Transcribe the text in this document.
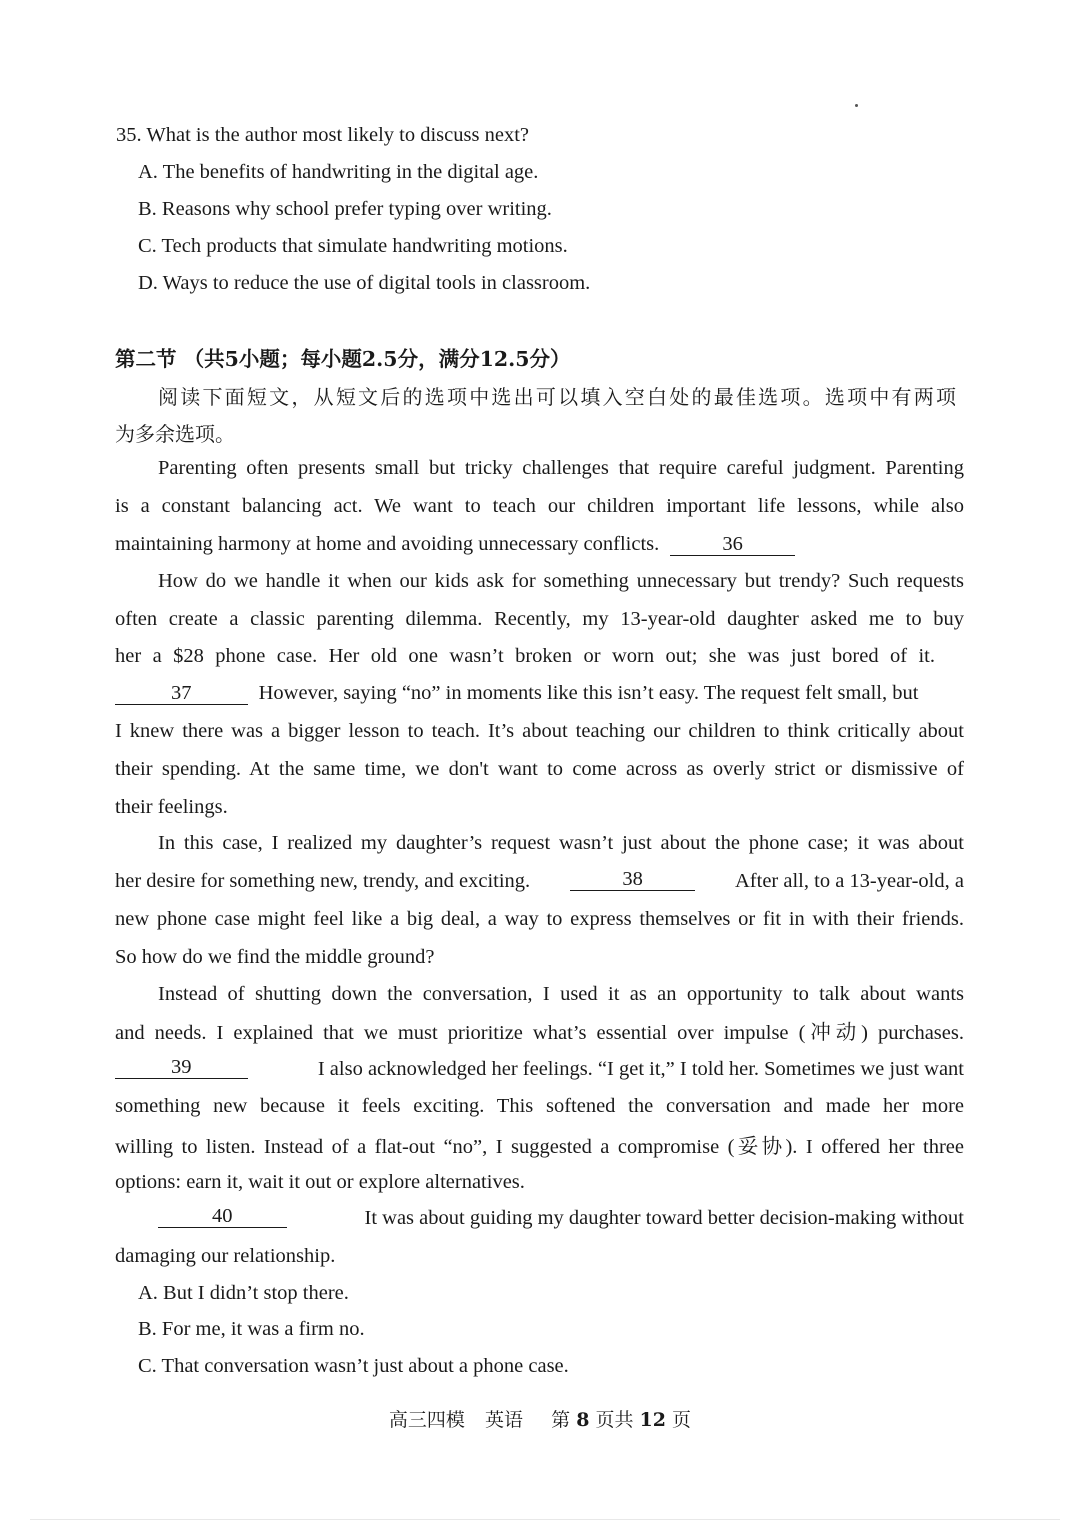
35. What is the author most likely to discuss next?
A. The benefits of handwriting in the digital age.
B. Reasons why school prefer typing over writing.
C. Tech products that simulate handwriting motions.
D. Ways to reduce the use of digital tools in classroom.
第二节 （共5小题；每小题2.5分，满分12.5分）
阅读下面短文，从短文后的选项中选出可以填入空白处的最佳选项。选项中有两项
为多余选项。
Parenting often presents small but tricky challenges that require careful judgment. Parenting
is a constant balancing act. We want to teach our children important life lessons, while also
maintaining harmony at home and avoiding unnecessary conflicts.	36
How do we handle it when our kids ask for something unnecessary but trendy? Such requests
often create a classic parenting dilemma. Recently, my 13-year-old daughter asked me to buy
her a $28 phone case. Her old one wasn’t broken or worn out; she was just bored of it.
37	However, saying “no” in moments like this isn’t easy. The request felt small, but
I knew there was a bigger lesson to teach. It’s about teaching our children to think critically about
their spending. At the same time, we don't want to come across as overly strict or dismissive of
their feelings.
In this case, I realized my daughter’s request wasn’t just about the phone case; it was about
her desire for something new, trendy, and exciting.	38	After all, to a 13-year-old, a
new phone case might feel like a big deal, a way to express themselves or fit in with their friends.
So how do we find the middle ground?
Instead of shutting down the conversation, I used it as an opportunity to talk about wants
and needs. I explained that we must prioritize what’s essential over impulse (冲动) purchases.
39	I also acknowledged her feelings. “I get it,” I told her. Sometimes we just want
something new because it feels exciting. This softened the conversation and made her more
willing to listen. Instead of a flat-out “no”, I suggested a compromise (妥协). I offered her three
options: earn it, wait it out or explore alternatives.
40	It was about guiding my daughter toward better decision-making without
damaging our relationship.
A. But I didn’t stop there.
B. For me, it was a firm no.
C. That conversation wasn’t just about a phone case.
高三四模 英语 第 8 页共 12 页
